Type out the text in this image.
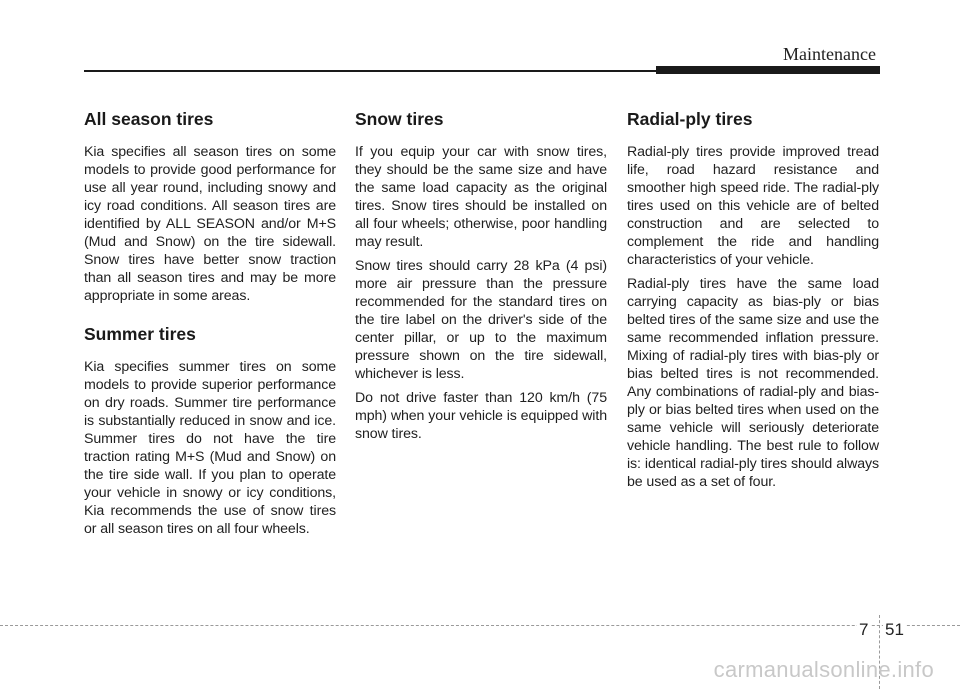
Maintenance
All season tires

Kia specifies all season tires on some models to provide good performance for use all year round, including snowy and icy road conditions. All season tires are identified by ALL SEASON and/or M+S (Mud and Snow) on the tire sidewall. Snow tires have better snow traction than all season tires and may be more appropriate in some areas.

Summer tires

Kia specifies summer tires on some models to provide superior performance on dry roads. Summer tire performance is substantially reduced in snow and ice. Summer tires do not have the tire traction rating M+S (Mud and Snow) on the tire side wall. If you plan to operate your vehicle in snowy or icy conditions, Kia recommends the use of snow tires or all season tires on all four wheels.

Snow tires

If you equip your car with snow tires, they should be the same size and have the same load capacity as the original tires. Snow tires should be installed on all four wheels; otherwise, poor handling may result.

Snow tires should carry 28 kPa (4 psi) more air pressure than the pressure recommended for the standard tires on the tire label on the driver's side of the center pillar, or up to the maximum pressure shown on the tire sidewall, whichever is less.

Do not drive faster than 120 km/h (75 mph) when your vehicle is equipped with snow tires.

Radial-ply tires

Radial-ply tires provide improved tread life, road hazard resistance and smoother high speed ride. The radial-ply tires used on this vehicle are of belted construction and are selected to complement the ride and handling characteristics of your vehicle.

Radial-ply tires have the same load carrying capacity as bias-ply or bias belted tires of the same size and use the same recommended inflation pressure. Mixing of radial-ply tires with bias-ply or bias belted tires is not recommended. Any combinations of radial-ply and bias-ply or bias belted tires when used on the same vehicle will seriously deteriorate vehicle handling. The best rule to follow is: identical radial-ply tires should always be used as a set of four.

7 51
carmanualsonline.info
